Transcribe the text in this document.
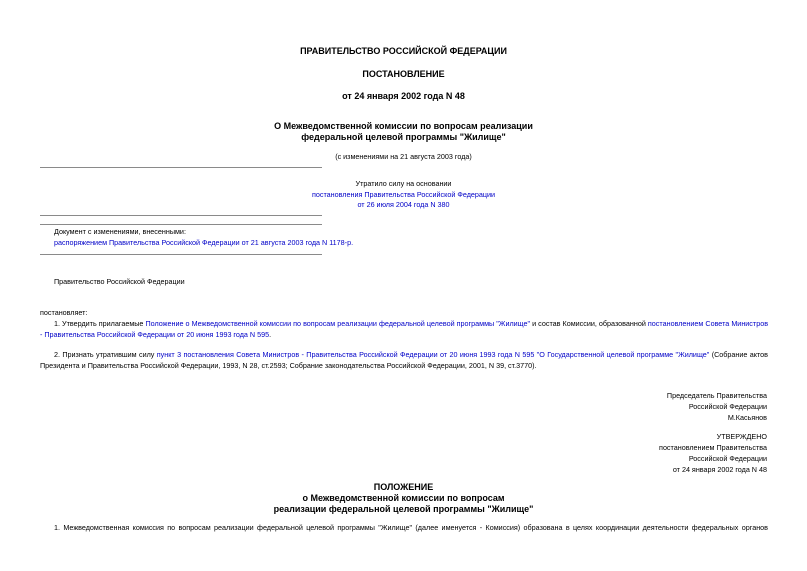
ПРАВИТЕЛЬСТВО РОССИЙСКОЙ ФЕДЕРАЦИИ
ПОСТАНОВЛЕНИЕ
от 24 января 2002 года N 48
О Межведомственной комиссии по вопросам реализации
федеральной целевой программы "Жилище"
(с изменениями на 21 августа 2003 года)
Утратило силу на основании
постановления Правительства Российской Федерации
от 26 июля 2004 года N 380
Документ с изменениями, внесенными:
распоряжением Правительства Российской Федерации от 21 августа 2003 года N 1178-р.
Правительство Российской Федерации
постановляет:
1. Утвердить прилагаемые Положение о Межведомственной комиссии по вопросам реализации федеральной целевой программы "Жилище" и состав Комиссии, образованной постановлением Совета Министров - Правительства Российской Федерации от 20 июня 1993 года N 595.
2. Признать утратившим силу пункт 3 постановления Совета Министров - Правительства Российской Федерации от 20 июня 1993 года N 595 "О Государственной целевой программе "Жилище" (Собрание актов Президента и Правительства Российской Федерации, 1993, N 28, ст.2593; Собрание законодательства Российской Федерации, 2001, N 39, ст.3770).
Председатель Правительства
Российской Федерации
М.Касьянов
УТВЕРЖДЕНО
постановлением Правительства
Российской Федерации
от 24 января 2002 года N 48
ПОЛОЖЕНИЕ
о Межведомственной комиссии по вопросам
реализации федеральной целевой программы "Жилище"
1. Межведомственная комиссия по вопросам реализации федеральной целевой программы "Жилище" (далее именуется - Комиссия) образована в целях координации деятельности федеральных органов
